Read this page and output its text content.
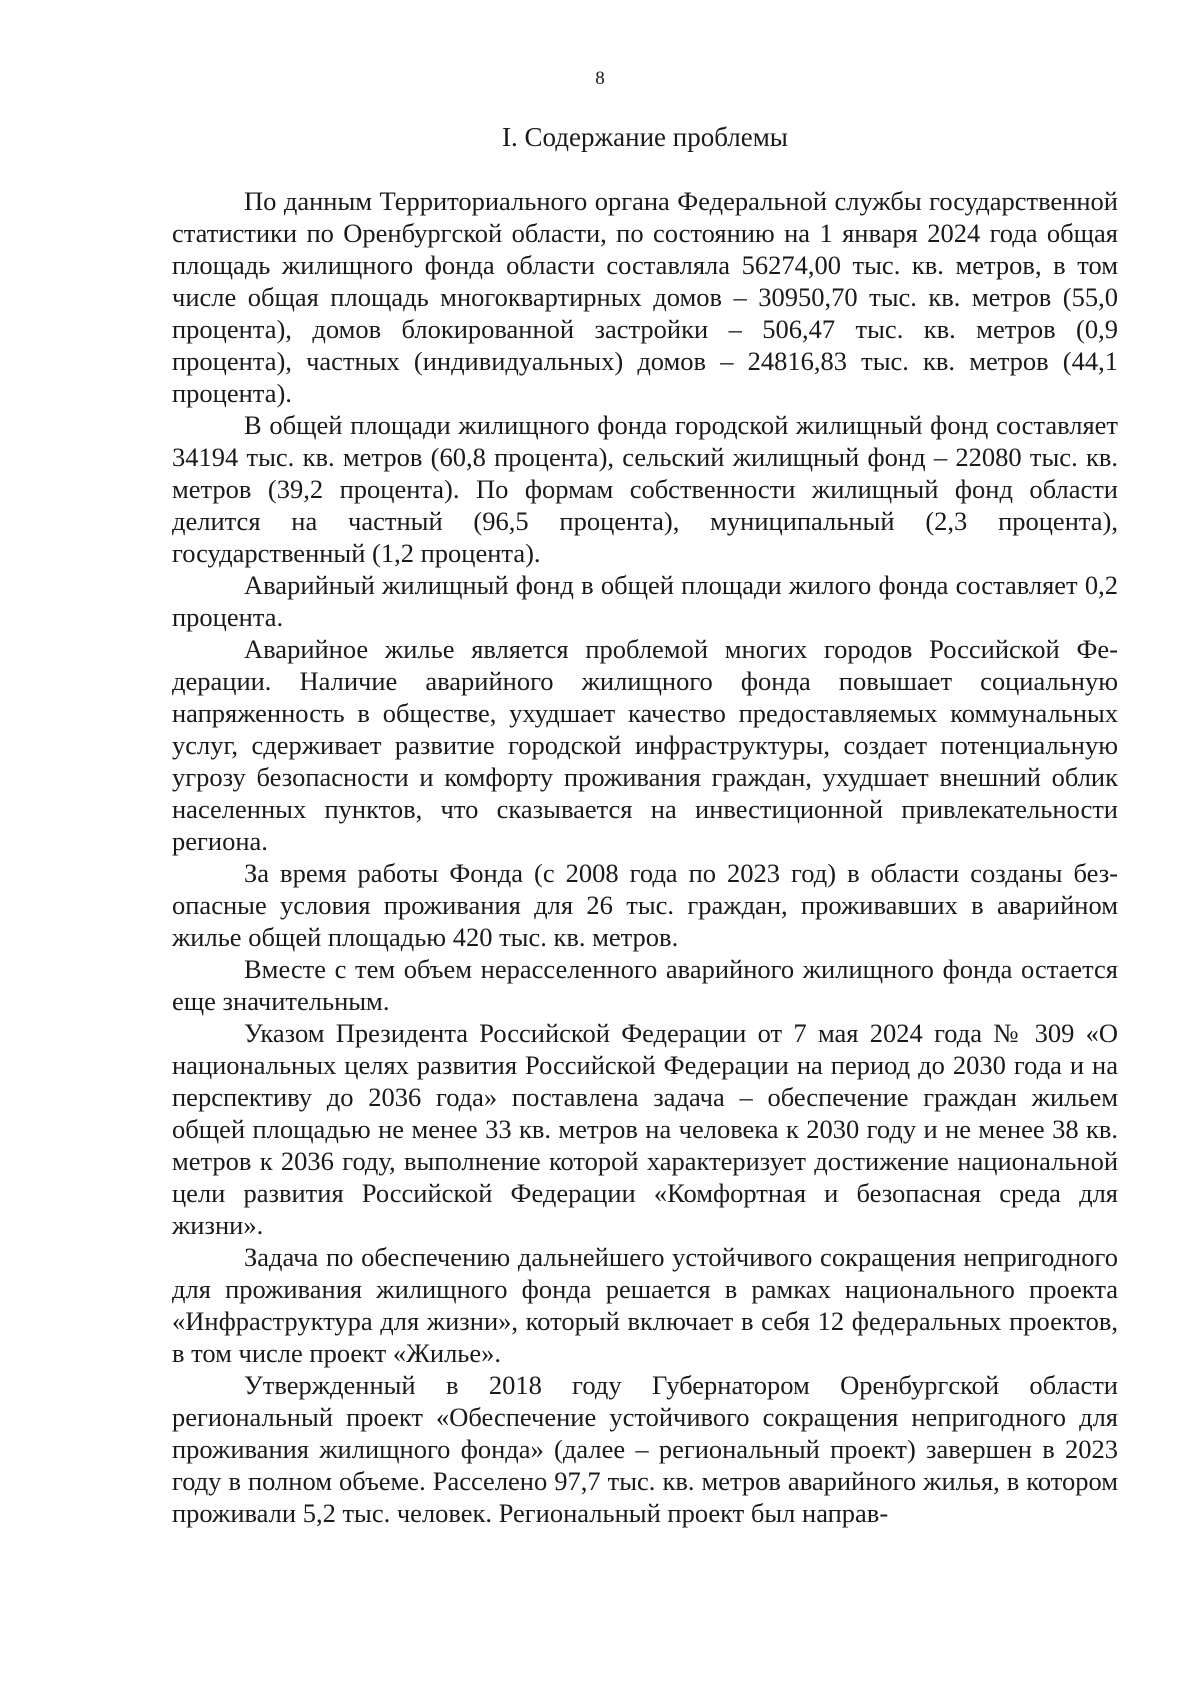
8
I. Содержание проблемы

По данным Территориального органа Федеральной службы государственной статистики по Оренбургской области, по состоянию на 1 января 2024 года общая площадь жилищного фонда области составляла 56274,00 тыс. кв. метров, в том числе общая площадь многоквартирных домов – 30950,70 тыс. кв. метров (55,0 процента), домов блокированной застройки – 506,47 тыс. кв. метров (0,9 процента), частных (индивидуальных) домов – 24816,83 тыс. кв. метров (44,1 процента).

В общей площади жилищного фонда городской жилищный фонд составляет 34194 тыс. кв. метров (60,8 процента), сельский жилищный фонд – 22080 тыс. кв. метров (39,2 процента). По формам собственности жилищный фонд области делится на частный (96,5 процента), муниципальный (2,3 процента), государственный (1,2 процента).

Аварийный жилищный фонд в общей площади жилого фонда составляет 0,2 процента.

Аварийное жилье является проблемой многих городов Российской Федерации. Наличие аварийного жилищного фонда повышает социальную напряженность в обществе, ухудшает качество предоставляемых коммунальных услуг, сдерживает развитие городской инфраструктуры, создает потенциальную угрозу безопасности и комфорту проживания граждан, ухудшает внешний облик населенных пунктов, что сказывается на инвестиционной привлекательности региона.

За время работы Фонда (с 2008 года по 2023 год) в области созданы безопасные условия проживания для 26 тыс. граждан, проживавших в аварийном жилье общей площадью 420 тыс. кв. метров.

Вместе с тем объем нерасселенного аварийного жилищного фонда остается еще значительным.

Указом Президента Российской Федерации от 7 мая 2024 года № 309 «О национальных целях развития Российской Федерации на период до 2030 года и на перспективу до 2036 года» поставлена задача – обеспечение граждан жильем общей площадью не менее 33 кв. метров на человека к 2030 году и не менее 38 кв. метров к 2036 году, выполнение которой характеризует достижение национальной цели развития Российской Федерации «Комфортная и безопасная среда для жизни».

Задача по обеспечению дальнейшего устойчивого сокращения непригодного для проживания жилищного фонда решается в рамках национального проекта «Инфраструктура для жизни», который включает в себя 12 федеральных проектов, в том числе проект «Жилье».

Утвержденный в 2018 году Губернатором Оренбургской области региональный проект «Обеспечение устойчивого сокращения непригодного для проживания жилищного фонда» (далее – региональный проект) завершен в 2023 году в полном объеме. Расселено 97,7 тыс. кв. метров аварийного жилья, в котором проживали 5,2 тыс. человек. Региональный проект был направ-
